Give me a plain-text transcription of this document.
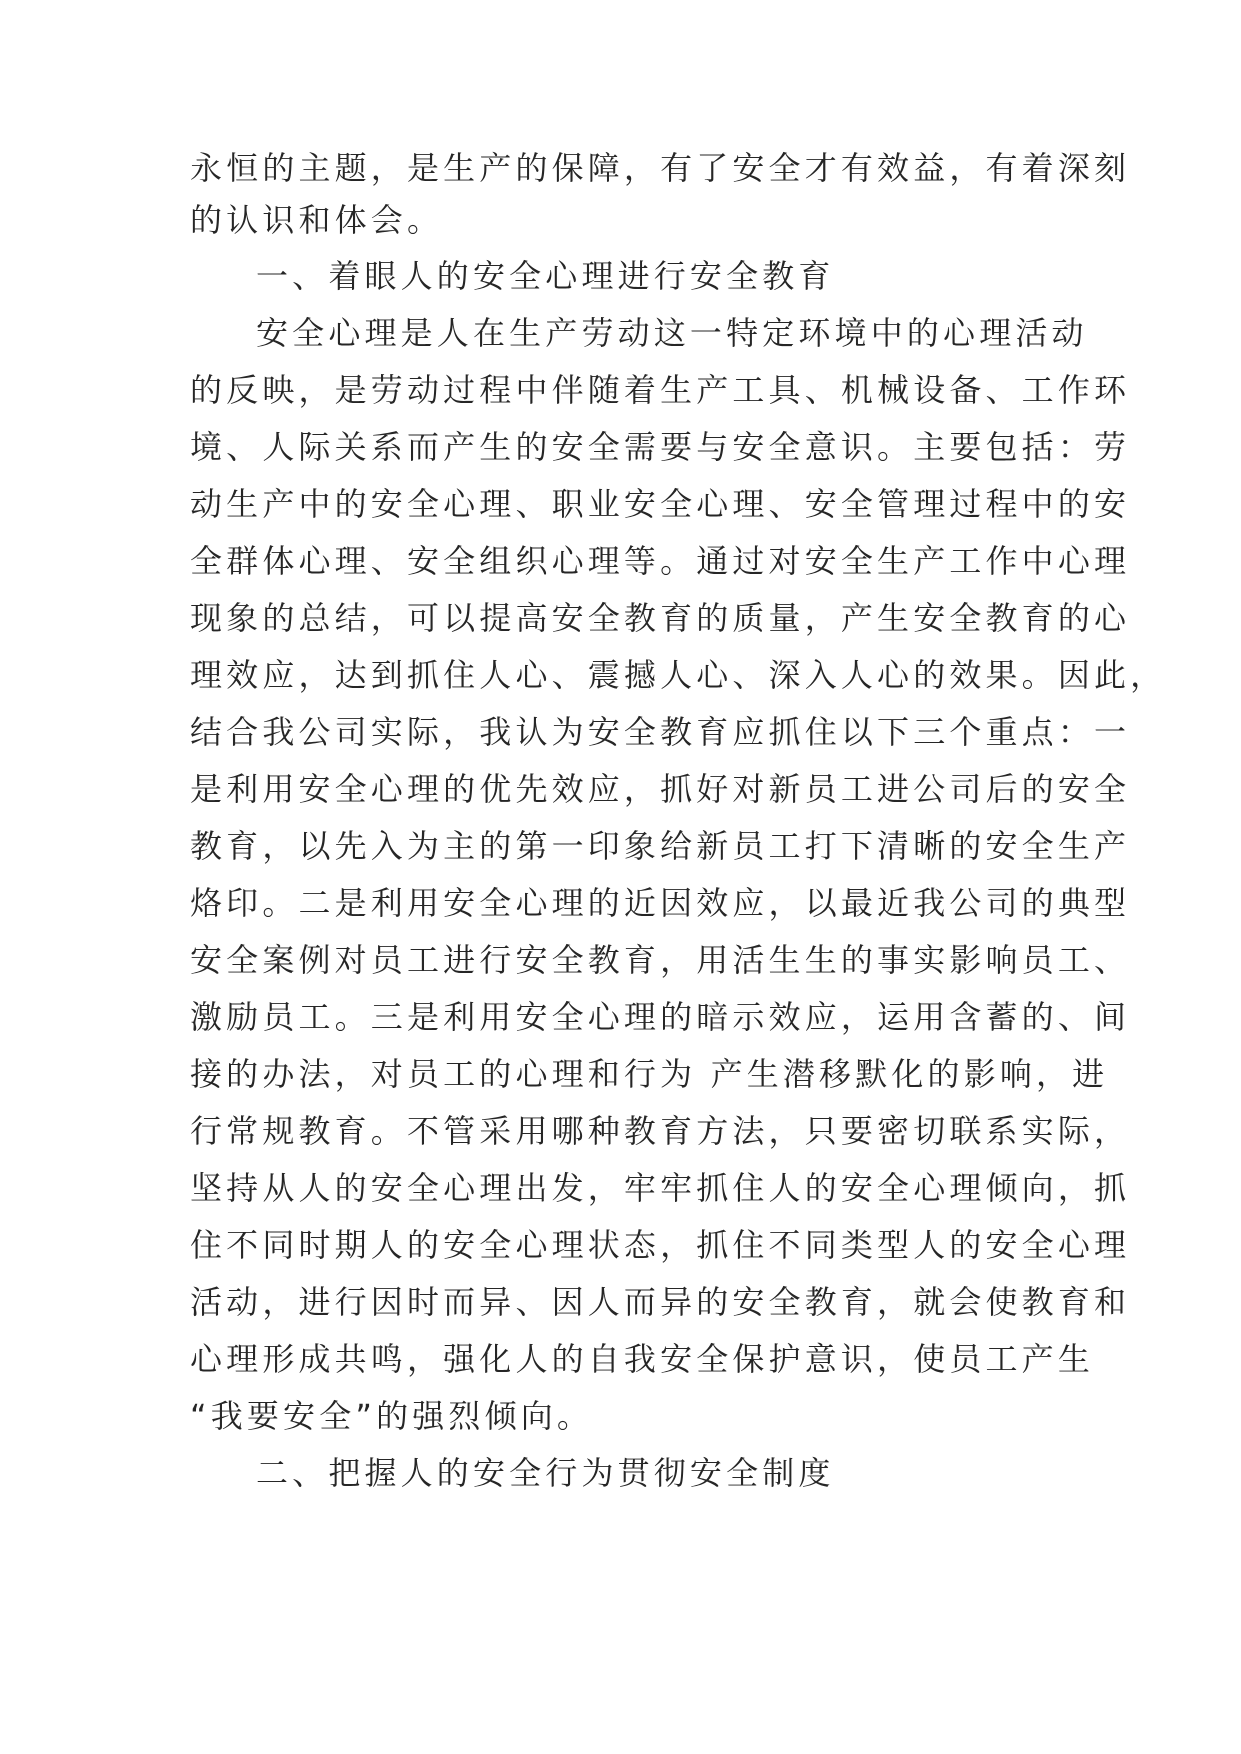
永恒的主题，是生产的保障，有了安全才有效益，有着深刻

的认识和体会。

一、着眼人的安全心理进行安全教育

安全心理是人在生产劳动这一特定环境中的心理活动

的反映，是劳动过程中伴随着生产工具、机械设备、工作环

境、人际关系而产生的安全需要与安全意识。主要包括：劳

动生产中的安全心理、职业安全心理、安全管理过程中的安

全群体心理、安全组织心理等。通过对安全生产工作中心理

现象的总结，可以提高安全教育的质量，产生安全教育的心

理效应，达到抓住人心、震撼人心、深入人心的效果。因此，

结合我公司实际，我认为安全教育应抓住以下三个重点：一

是利用安全心理的优先效应，抓好对新员工进公司后的安全

教育，以先入为主的第一印象给新员工打下清晰的安全生产

烙印。二是利用安全心理的近因效应，以最近我公司的典型

安全案例对员工进行安全教育，用活生生的事实影响员工、

激励员工。三是利用安全心理的暗示效应，运用含蓄的、间

接的办法，对员工的心理和行为 产生潜移默化的影响，进

行常规教育。不管采用哪种教育方法，只要密切联系实际，

坚持从人的安全心理出发，牢牢抓住人的安全心理倾向，抓

住不同时期人的安全心理状态，抓住不同类型人的安全心理

活动，进行因时而异、因人而异的安全教育，就会使教育和

心理形成共鸣，强化人的自我安全保护意识，使员工产生

“我要安全”的强烈倾向。

二、把握人的安全行为贯彻安全制度
